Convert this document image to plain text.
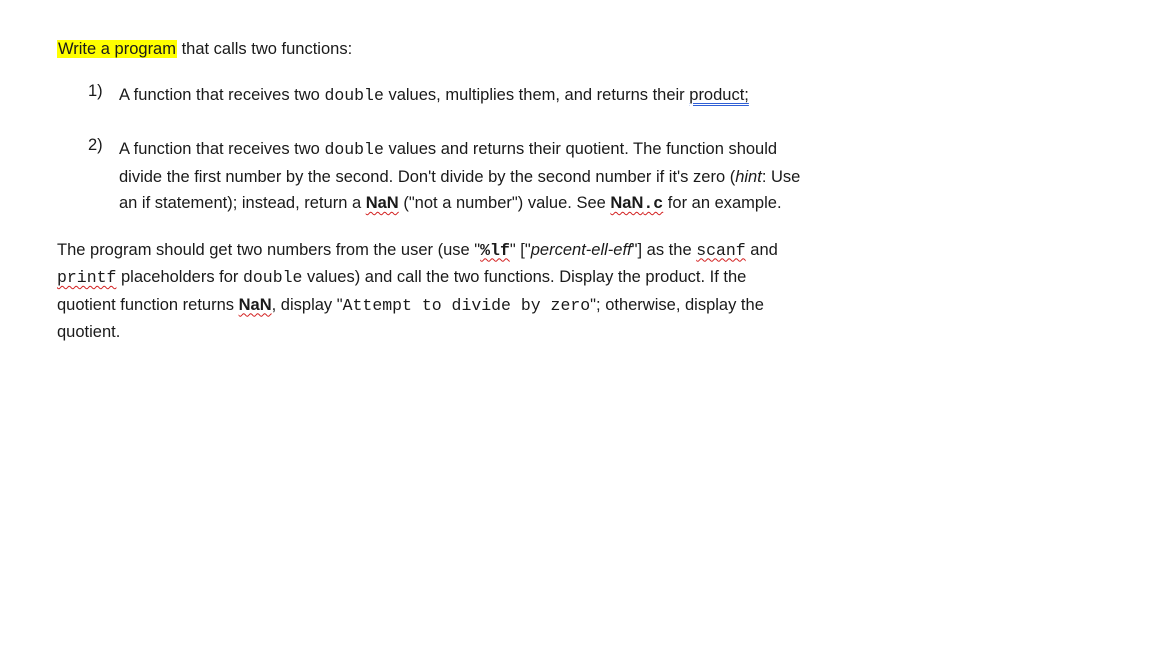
Write a program that calls two functions:
1) A function that receives two double values, multiplies them, and returns their product;
2) A function that receives two double values and returns their quotient. The function should
divide the first number by the second. Don't divide by the second number if it's zero (hint: Use
an if statement); instead, return a NaN ("not a number") value. See NaN.c for an example.
The program should get two numbers from the user (use "%lf" ["percent-ell-eff"] as the scanf and
printf placeholders for double values) and call the two functions. Display the product. If the
quotient function returns NaN, display "Attempt to divide by zero"; otherwise, display the
quotient.
